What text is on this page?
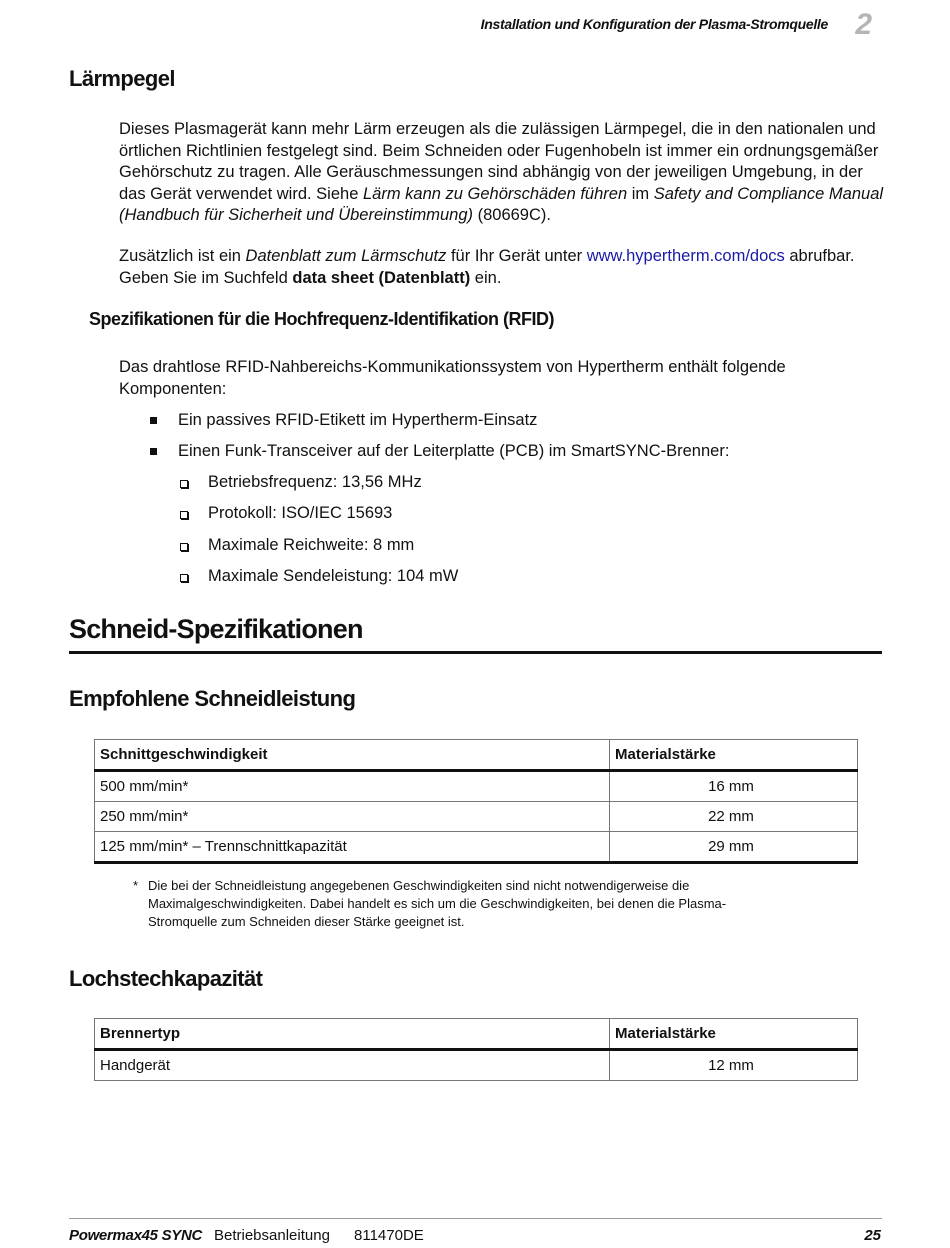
Installation und Konfiguration der Plasma-Stromquelle 2
Lärmpegel

Dieses Plasmagerät kann mehr Lärm erzeugen als die zulässigen Lärmpegel, die in den nationalen und örtlichen Richtlinien festgelegt sind. Beim Schneiden oder Fugenhobeln ist immer ein ordnungsgemäßer Gehörschutz zu tragen. Alle Geräuschmessungen sind abhängig von der jeweiligen Umgebung, in der das Gerät verwendet wird. Siehe Lärm kann zu Gehörschäden führen im Safety and Compliance Manual (Handbuch für Sicherheit und Übereinstimmung) (80669C).

Zusätzlich ist ein Datenblatt zum Lärmschutz für Ihr Gerät unter www.hypertherm.com/docs abrufbar. Geben Sie im Suchfeld data sheet (Datenblatt) ein.

Spezifikationen für die Hochfrequenz-Identifikation (RFID)

Das drahtlose RFID-Nahbereichs-Kommunikationssystem von Hypertherm enthält folgende Komponenten:

Ein passives RFID-Etikett im Hypertherm-Einsatz
Einen Funk-Transceiver auf der Leiterplatte (PCB) im SmartSYNC-Brenner:
Betriebsfrequenz: 13,56 MHz
Protokoll: ISO/IEC 15693
Maximale Reichweite: 8 mm
Maximale Sendeleistung: 104 mW
Schneid-Spezifikationen
Empfohlene Schneidleistung
Schnittgeschwindigkeit	Materialstärke
500 mm/min*	16 mm
250 mm/min*	22 mm
125 mm/min* – Trennschnittkapazität	29 mm
* Die bei der Schneidleistung angegebenen Geschwindigkeiten sind nicht notwendigerweise die Maximalgeschwindigkeiten. Dabei handelt es sich um die Geschwindigkeiten, bei denen die Plasma-Stromquelle zum Schneiden dieser Stärke geeignet ist.
Lochstechkapazität
Brennertyp	Materialstärke
Handgerät	12 mm
Powermax45 SYNC Betriebsanleitung 811470DE	25
